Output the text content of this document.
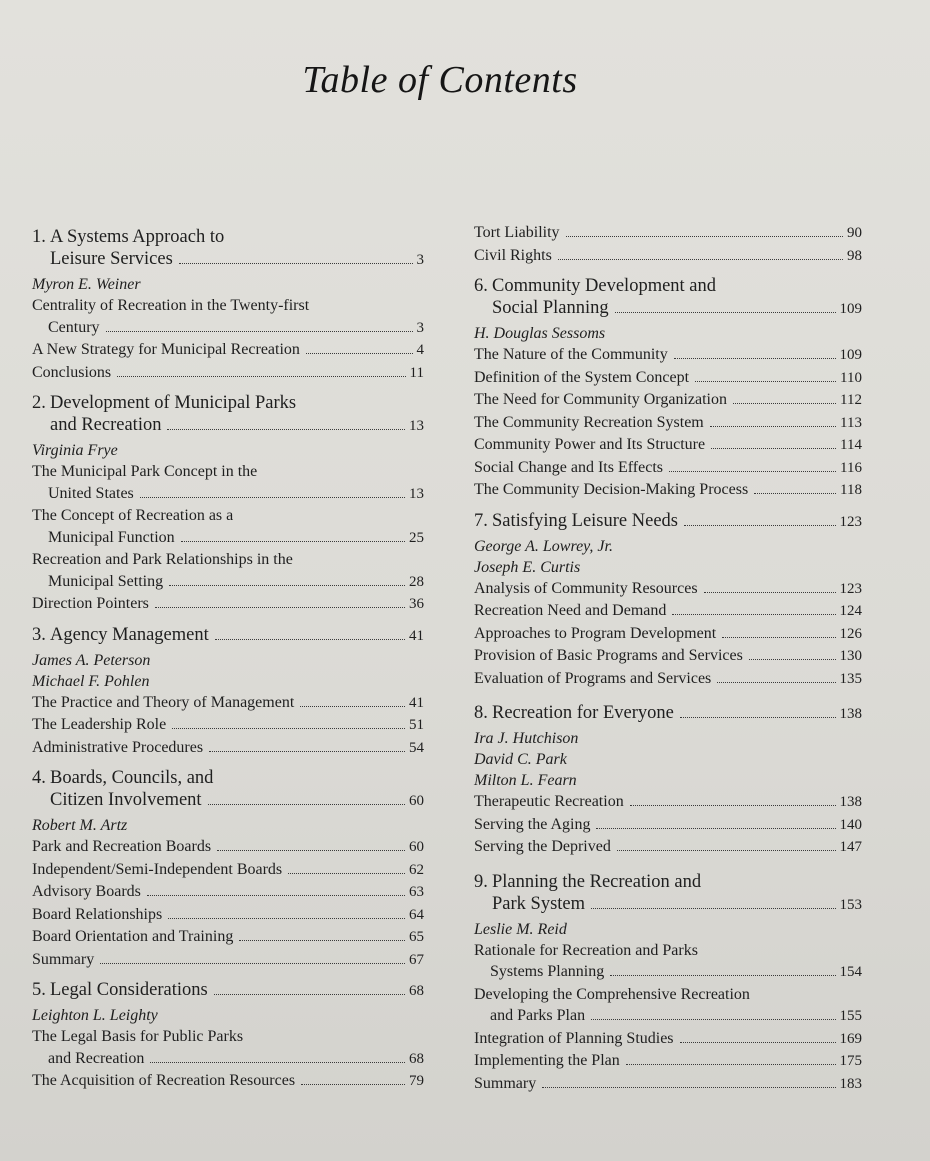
Table of Contents
1. A Systems Approach to
Leisure Services	3
Myron E. Weiner
Centrality of Recreation in the Twenty-first
Century	3
A New Strategy for Municipal Recreation	4
Conclusions	11
2. Development of Municipal Parks
and Recreation	13
Virginia Frye
The Municipal Park Concept in the
United States	13
The Concept of Recreation as a
Municipal Function	25
Recreation and Park Relationships in the
Municipal Setting	28
Direction Pointers	36
3. Agency Management	41
James A. Peterson
Michael F. Pohlen
The Practice and Theory of Management	41
The Leadership Role	51
Administrative Procedures	54
4. Boards, Councils, and
Citizen Involvement	60
Robert M. Artz
Park and Recreation Boards	60
Independent/Semi-Independent Boards	62
Advisory Boards	63
Board Relationships	64
Board Orientation and Training	65
Summary	67
5. Legal Considerations	68
Leighton L. Leighty
The Legal Basis for Public Parks
and Recreation	68
The Acquisition of Recreation Resources	79
Tort Liability	90
Civil Rights	98
6. Community Development and
Social Planning	109
H. Douglas Sessoms
The Nature of the Community	109
Definition of the System Concept	110
The Need for Community Organization	112
The Community Recreation System	113
Community Power and Its Structure	114
Social Change and Its Effects	116
The Community Decision-Making Process	118
7. Satisfying Leisure Needs	123
George A. Lowrey, Jr.
Joseph E. Curtis
Analysis of Community Resources	123
Recreation Need and Demand	124
Approaches to Program Development	126
Provision of Basic Programs and Services	130
Evaluation of Programs and Services	135
8. Recreation for Everyone	138
Ira J. Hutchison
David C. Park
Milton L. Fearn
Therapeutic Recreation	138
Serving the Aging	140
Serving the Deprived	147
9. Planning the Recreation and
Park System	153
Leslie M. Reid
Rationale for Recreation and Parks
Systems Planning	154
Developing the Comprehensive Recreation
and Parks Plan	155
Integration of Planning Studies	169
Implementing the Plan	175
Summary	183
